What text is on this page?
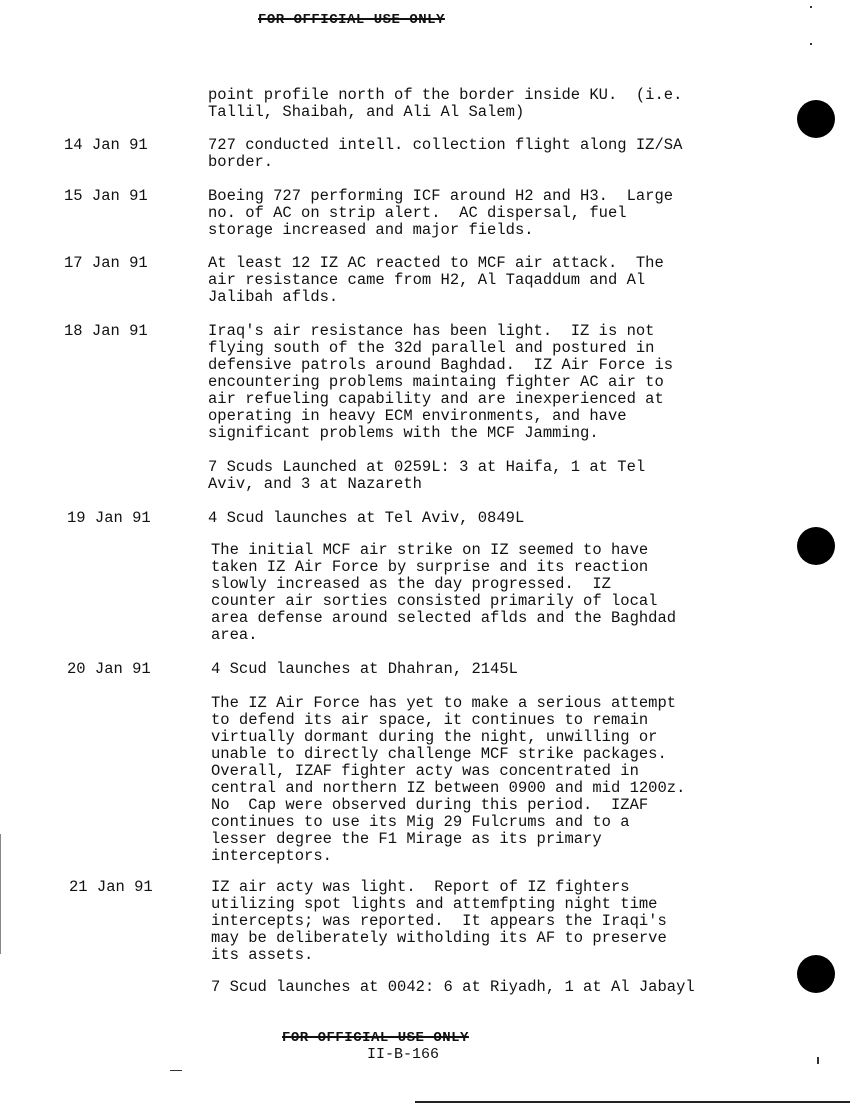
FOR OFFICIAL USE ONLY
point profile north of the border inside KU.  (i.e.
Tallil, Shaibah, and Ali Al Salem)
14 Jan 91	727 conducted intell. collection flight along IZ/SA
border.
15 Jan 91	Boeing 727 performing ICF around H2 and H3.  Large
no. of AC on strip alert.  AC dispersal, fuel
storage increased and major fields.
17 Jan 91	At least 12 IZ AC reacted to MCF air attack.  The
air resistance came from H2, Al Taqaddum and Al
Jalibah aflds.
18 Jan 91	Iraq's air resistance has been light.  IZ is not
flying south of the 32d parallel and postured in
defensive patrols around Baghdad.  IZ Air Force is
encountering problems maintaing fighter AC air to
air refueling capability and are inexperienced at
operating in heavy ECM environments, and have
significant problems with the MCF Jamming.
7 Scuds Launched at 0259L: 3 at Haifa, 1 at Tel
Aviv, and 3 at Nazareth
19 Jan 91	4 Scud launches at Tel Aviv, 0849L
The initial MCF air strike on IZ seemed to have
taken IZ Air Force by surprise and its reaction
slowly increased as the day progressed.  IZ
counter air sorties consisted primarily of local
area defense around selected aflds and the Baghdad
area.
20 Jan 91	4 Scud launches at Dhahran, 2145L
The IZ Air Force has yet to make a serious attempt
to defend its air space, it continues to remain
virtually dormant during the night, unwilling or
unable to directly challenge MCF strike packages.
Overall, IZAF fighter acty was concentrated in
central and northern IZ between 0900 and mid 1200z.
No  Cap were observed during this period.  IZAF
continues to use its Mig 29 Fulcrums and to a
lesser degree the F1 Mirage as its primary
interceptors.
21 Jan 91	IZ air acty was light.  Report of IZ fighters
utilizing spot lights and attemfpting night time
intercepts; was reported.  It appears the Iraqi's
may be deliberately witholding its AF to preserve
its assets.
7 Scud launches at 0042: 6 at Riyadh, 1 at Al Jabayl
FOR OFFICIAL USE ONLY
II-B-166
